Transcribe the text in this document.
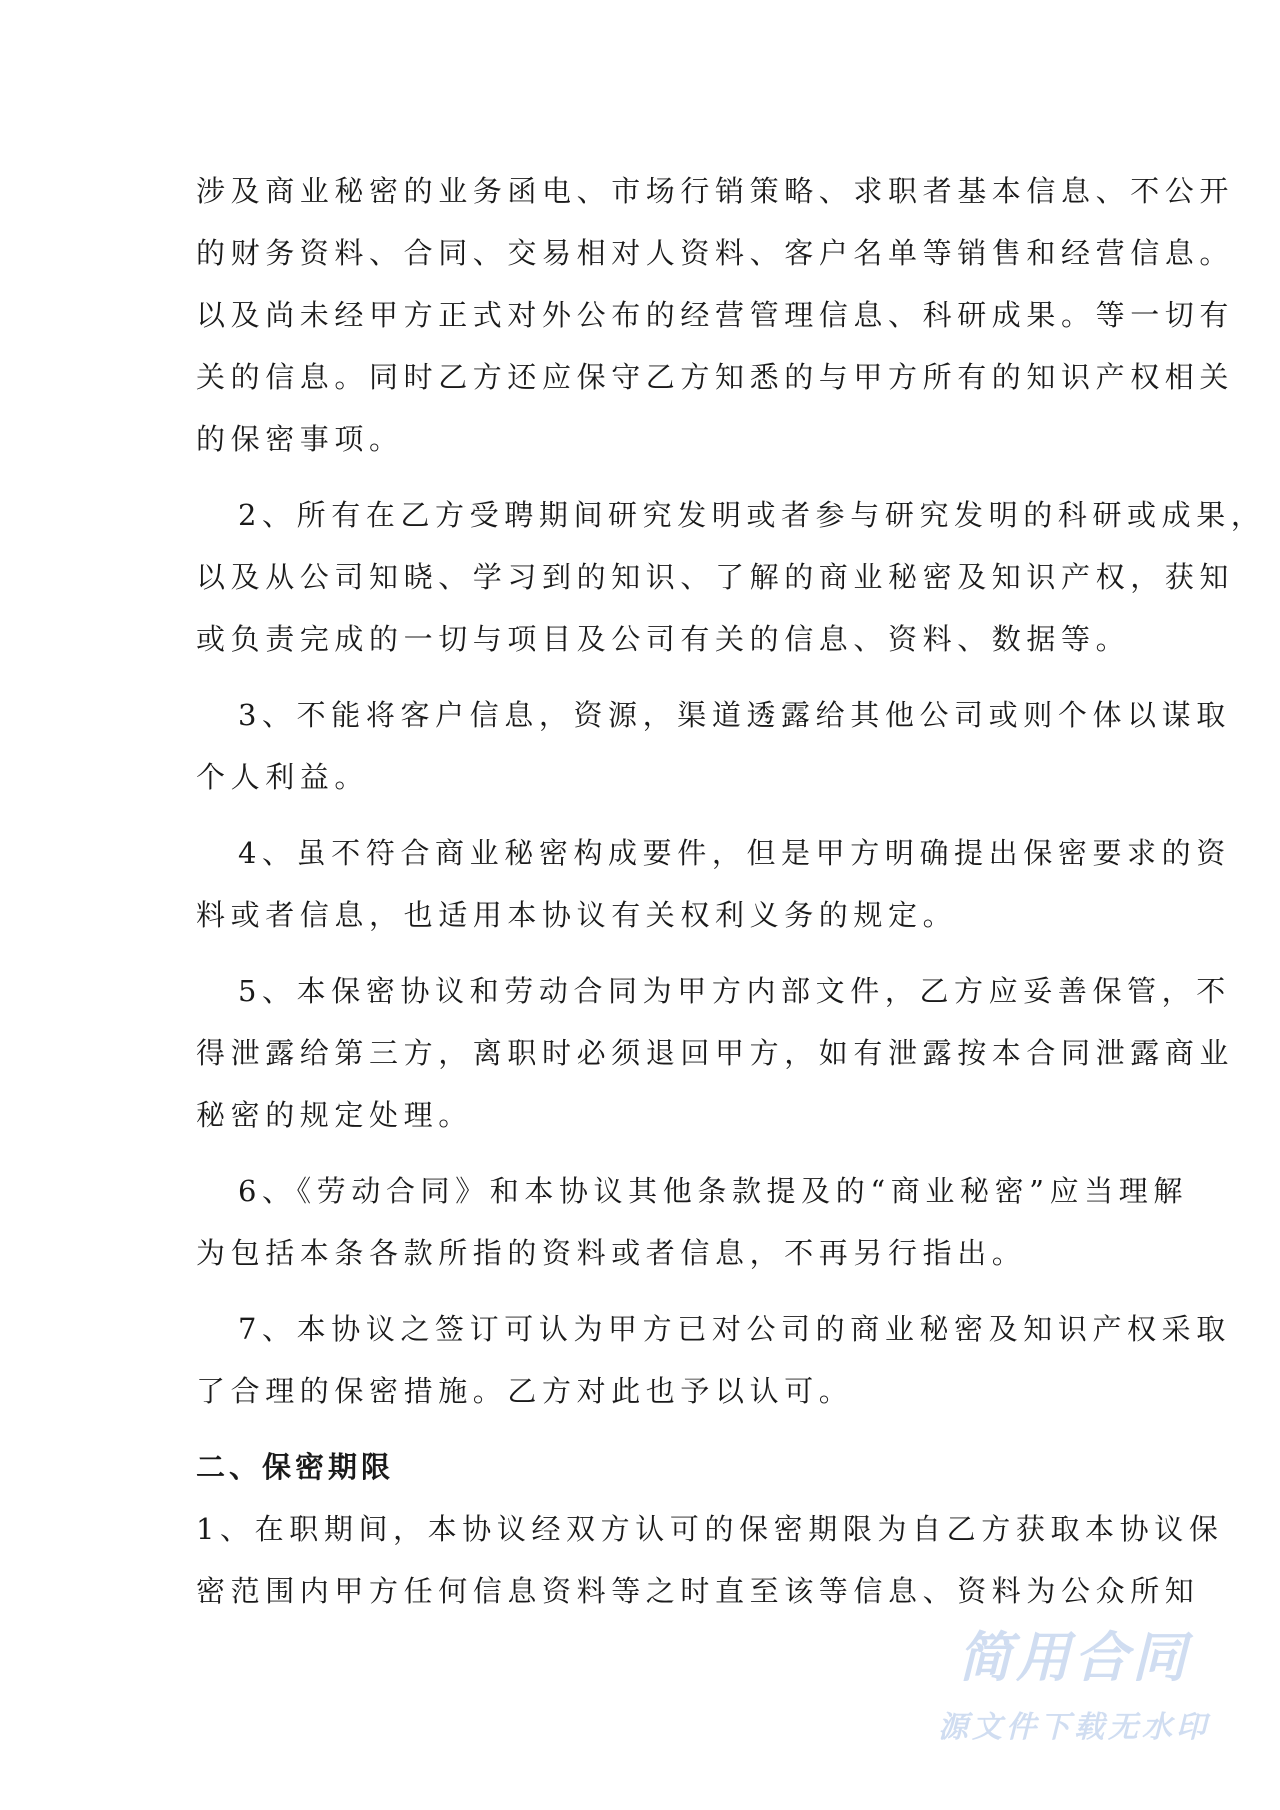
涉及商业秘密的业务函电、市场行销策略、求职者基本信息、不公开
的财务资料、合同、交易相对人资料、客户名单等销售和经营信息。
以及尚未经甲方正式对外公布的经营管理信息、科研成果。等一切有
关的信息。同时乙方还应保守乙方知悉的与甲方所有的知识产权相关
的保密事项。
2、所有在乙方受聘期间研究发明或者参与研究发明的科研或成果，
以及从公司知晓、学习到的知识、了解的商业秘密及知识产权，获知
或负责完成的一切与项目及公司有关的信息、资料、数据等。
3、不能将客户信息，资源，渠道透露给其他公司或则个体以谋取
个人利益。
4、虽不符合商业秘密构成要件，但是甲方明确提出保密要求的资
料或者信息，也适用本协议有关权利义务的规定。
5、本保密协议和劳动合同为甲方内部文件，乙方应妥善保管，不
得泄露给第三方，离职时必须退回甲方，如有泄露按本合同泄露商业
秘密的规定处理。
6、《劳动合同》和本协议其他条款提及的“商业秘密”应当理解
为包括本条各款所指的资料或者信息，不再另行指出。
7、本协议之签订可认为甲方已对公司的商业秘密及知识产权采取
了合理的保密措施。乙方对此也予以认可。
二、保密期限
1、在职期间，本协议经双方认可的保密期限为自乙方获取本协议保
密范围内甲方任何信息资料等之时直至该等信息、资料为公众所知
简用合同
源文件下载无水印
